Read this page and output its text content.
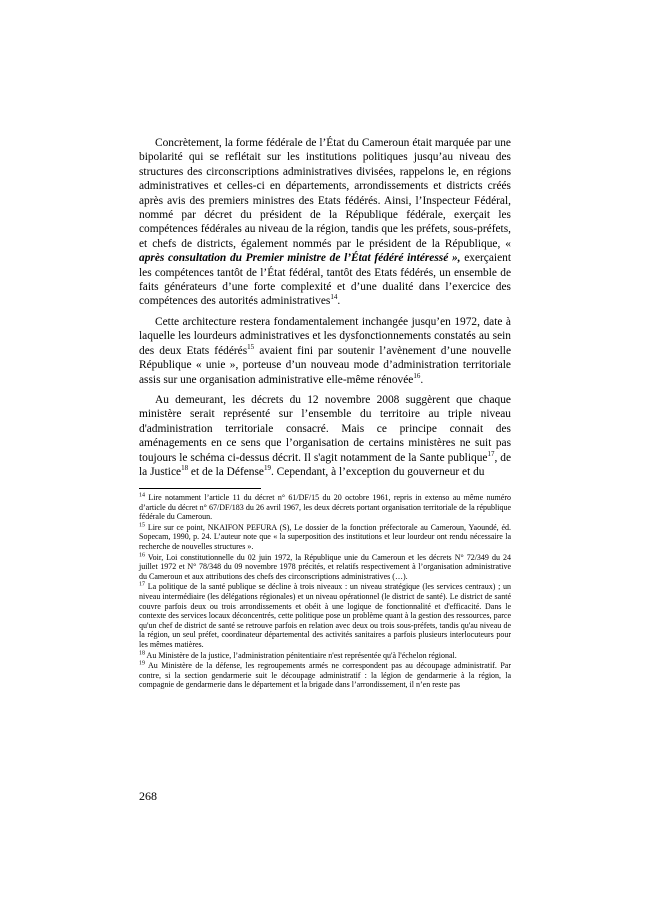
Concrètement, la forme fédérale de l’État du Cameroun était marquée par une bipolarité qui se reflétait sur les institutions politiques jusqu’au niveau des structures des circonscriptions administratives divisées, rappelons le, en régions administratives et celles-ci en départements, arrondissements et districts créés après avis des premiers ministres des Etats fédérés. Ainsi, l’Inspecteur Fédéral, nommé par décret du président de la République fédérale, exerçait les compétences fédérales au niveau de la région, tandis que les préfets, sous-préfets, et chefs de districts, également nommés par le président de la République, « après consultation du Premier ministre de l’État fédéré intéressé », exerçaient les compétences tantôt de l’État fédéral, tantôt des Etats fédérés, un ensemble de faits générateurs d’une forte complexité et d’une dualité dans l’exercice des compétences des autorités administratives$^{14}$.

Cette architecture restera fondamentalement inchangée jusqu’en 1972, date à laquelle les lourdeurs administratives et les dysfonctionnements constatés au sein des deux Etats fédérés$^{15}$ avaient fini par soutenir l’avènement d’une nouvelle République « unie », porteuse d’un nouveau mode d’administration territoriale assis sur une organisation administrative elle-même rénovée$^{16}$.

Au demeurant, les décrets du 12 novembre 2008 suggèrent que chaque ministère serait représenté sur l’ensemble du territoire au triple niveau d'administration territoriale consacré. Mais ce principe connait des aménagements en ce sens que l’organisation de certains ministères ne suit pas toujours le schéma ci-dessus décrit. Il s'agit notamment de la Sante publique$^{17}$, de la Justice$^{18}$ et de la Défense$^{19}$. Cependant, à l’exception du gouverneur et du

$^{14}$ Lire notamment l’article 11 du décret n° 61/DF/15 du 20 octobre 1961, repris in extenso au même numéro d’article du décret n° 67/DF/183 du 26 avril 1967, les deux décrets portant organisation territoriale de la république fédérale du Cameroun.

$^{15}$ Lire sur ce point, NKAIFON PEFURA (S), Le dossier de la fonction préfectorale au Cameroun, Yaoundé, éd. Sopecam, 1990, p. 24. L’auteur note que « la superposition des institutions et leur lourdeur ont rendu nécessaire la recherche de nouvelles structures ».

$^{16}$ Voir, Loi constitutionnelle du 02 juin 1972, la République unie du Cameroun et les décrets N° 72/349 du 24 juillet 1972 et N° 78/348 du 09 novembre 1978 précités, et relatifs respectivement à l’organisation administrative du Cameroun et aux attributions des chefs des circonscriptions administratives (…).

$^{17}$ La politique de la santé publique se décline à trois niveaux : un niveau stratégique (les services centraux) ; un niveau intermédiaire (les délégations régionales) et un niveau opérationnel (le district de santé). Le district de santé couvre parfois deux ou trois arrondissements et obéit à une logique de fonctionnalité et d'efficacité. Dans le contexte des services locaux déconcentrés, cette politique pose un problème quant à la gestion des ressources, parce qu'un chef de district de santé se retrouve parfois en relation avec deux ou trois sous-préfets, tandis qu'au niveau de la région, un seul préfet, coordinateur départemental des activités sanitaires a parfois plusieurs interlocuteurs pour les mêmes matières.

$^{18}$ Au Ministère de la justice, l’administration pénitentiaire n'est représentée qu'à l'échelon régional.

$^{19}$ Au Ministère de la défense, les regroupements armés ne correspondent pas au découpage administratif. Par contre, si la section gendarmerie suit le découpage administratif : la légion de gendarmerie à la région, la compagnie de gendarmerie dans le département et la brigade dans l’arrondissement, il n’en reste pas

268
